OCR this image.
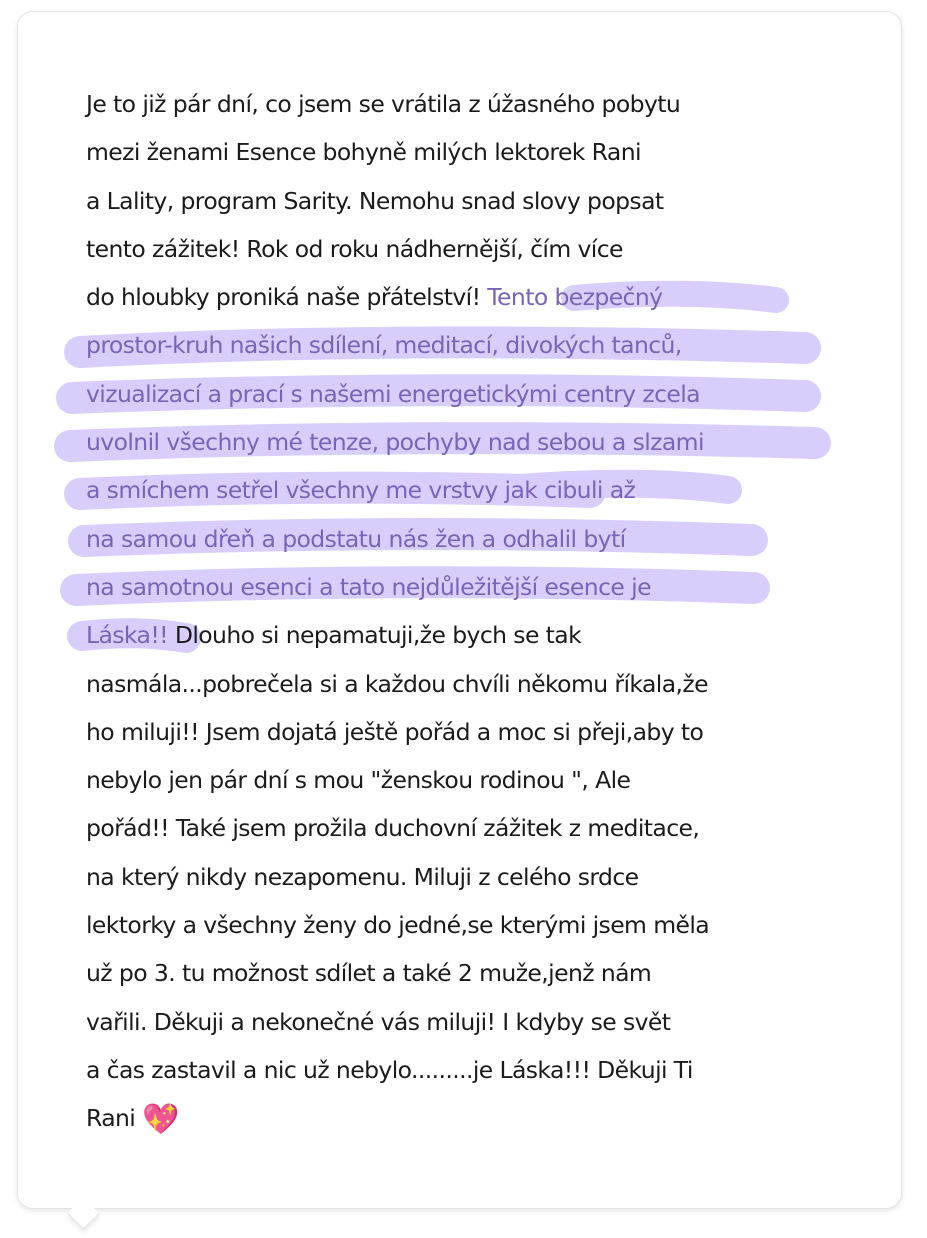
Je to již pár dní, co jsem se vrátila z úžasného pobytu
mezi ženami Esence bohyně milých lektorek Rani
a Lality, program Sarity. Nemohu snad slovy popsat
tento zážitek! Rok od roku nádhernější, čím více
do hloubky proniká naše přátelství! Tento bezpečný
prostor-kruh našich sdílení, meditací, divokých tanců,
vizualizací a prací s našemi energetickými centry zcela
uvolnil všechny mé tenze, pochyby nad sebou a slzami
a smíchem setřel všechny me vrstvy jak cibuli až
na samou dřeň a podstatu nás žen a odhalil bytí
na samotnou esenci a tato nejdůležitější esence je
Láska!! Dlouho si nepamatuji,že bych se tak
nasmála...pobrečela si a každou chvíli někomu říkala,že
ho miluji!! Jsem dojatá ještě pořád a moc si přeji,aby to
nebylo jen pár dní s mou "ženskou rodinou ", Ale
pořád!! Také jsem prožila duchovní zážitek z meditace,
na který nikdy nezapomenu. Miluji z celého srdce
lektorky a všechny ženy do jedné,se kterými jsem měla
už po 3. tu možnost sdílet a také 2 muže,jenž nám
vařili. Děkuji a nekonečné vás miluji! I kdyby se svět
a čas zastavil a nic už nebylo.........je Láska!!! Děkuji Ti
Rani 💖
